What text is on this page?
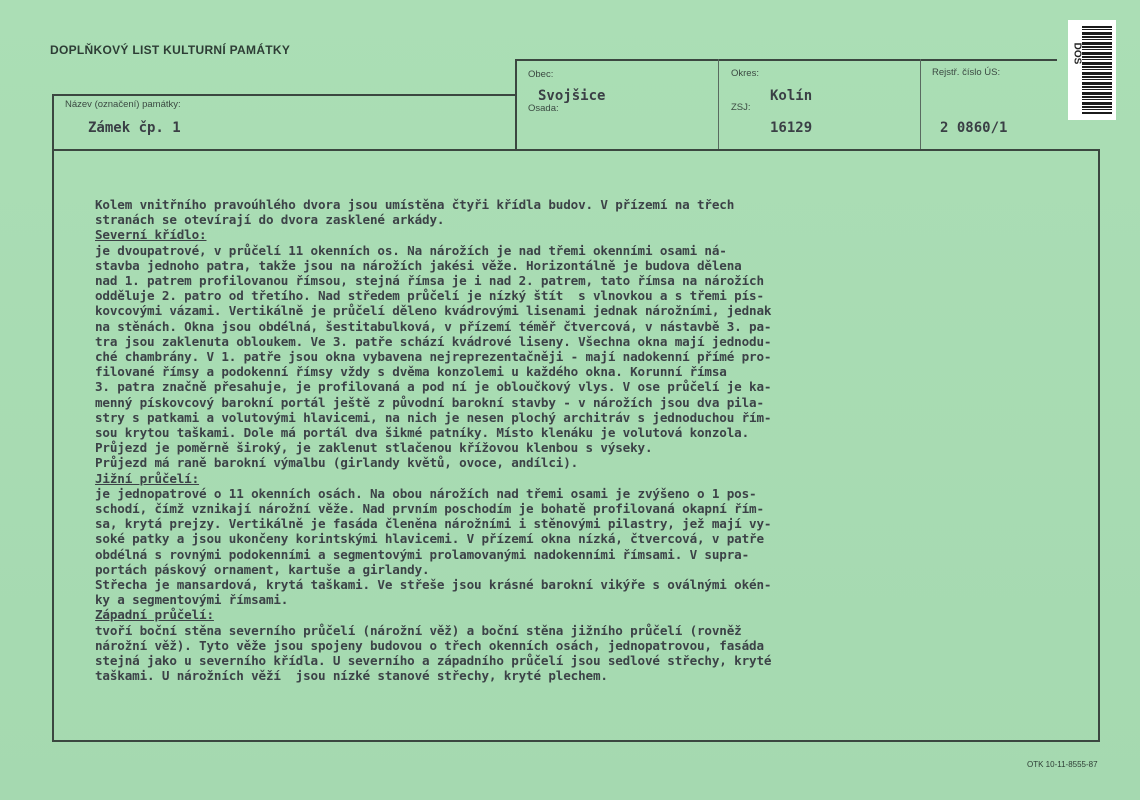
DOPLŇKOVÝ LIST KULTURNÍ PAMÁTKY
Název (označení) památky:
Obec:
Osada:
Okres:
ZSJ:
Rejstř. číslo ÚS:
Zámek čp. 1
Svojšice	Kolín
16129	2 0860/1
DOS
Kolem vnitřního pravoúhlého dvora jsou umístěna čtyři křídla budov. V přízemí na třech
stranách se otevírají do dvora zasklené arkády.
Severní křídlo:
je dvoupatrové, v průčelí 11 okenních os. Na nárožích je nad třemi okenními osami ná-
stavba jednoho patra, takže jsou na nárožích jakési věže. Horizontálně je budova dělena
nad 1. patrem profilovanou římsou, stejná římsa je i nad 2. patrem, tato římsa na nárožích
odděluje 2. patro od třetího. Nad středem průčelí je nízký štít  s vlnovkou a s třemi pís-
kovcovými vázami. Vertikálně je průčelí děleno kvádrovými lisenami jednak nárožními, jednak
na stěnách. Okna jsou obdélná, šestitabulková, v přízemí téměř čtvercová, v nástavbě 3. pa-
tra jsou zaklenuta obloukem. Ve 3. patře schází kvádrové liseny. Všechna okna mají jednodu-
ché chambrány. V 1. patře jsou okna vybavena nejreprezentačněji - mají nadokenní přímé pro-
filované římsy a podokenní římsy vždy s dvěma konzolemi u každého okna. Korunní římsa
3. patra značně přesahuje, je profilovaná a pod ní je obloučkový vlys. V ose průčelí je ka-
menný pískovcový barokní portál ještě z původní barokní stavby - v nárožích jsou dva pila-
stry s patkami a volutovými hlavicemi, na nich je nesen plochý architráv s jednoduchou řím-
sou krytou taškami. Dole má portál dva šikmé patníky. Místo klenáku je volutová konzola.
Průjezd je poměrně široký, je zaklenut stlačenou křížovou klenbou s výseky.
Průjezd má raně barokní výmalbu (girlandy květů, ovoce, andílci).
Jižní průčelí:
je jednopatrové o 11 okenních osách. Na obou nárožích nad třemi osami je zvýšeno o 1 pos-
schodí, čímž vznikají nárožní věže. Nad prvním poschodím je bohatě profilovaná okapní řím-
sa, krytá prejzy. Vertikálně je fasáda členěna nárožními i stěnovými pilastry, jež mají vy-
soké patky a jsou ukončeny korintskými hlavicemi. V přízemí okna nízká, čtvercová, v patře
obdélná s rovnými podokenními a segmentovými prolamovanými nadokenními římsami. V supra-
portách páskový ornament, kartuše a girlandy.
Střecha je mansardová, krytá taškami. Ve střeše jsou krásné barokní vikýře s oválnými okén-
ky a segmentovými římsami.
Západní průčelí:
tvoří boční stěna severního průčelí (nárožní věž) a boční stěna jižního průčelí (rovněž
nárožní věž). Tyto věže jsou spojeny budovou o třech okenních osách, jednopatrovou, fasáda
stejná jako u severního křídla. U severního a západního průčelí jsou sedlové střechy, kryté
taškami. U nárožních věží  jsou nízké stanové střechy, kryté plechem.
OTK 10-11-8555-87
